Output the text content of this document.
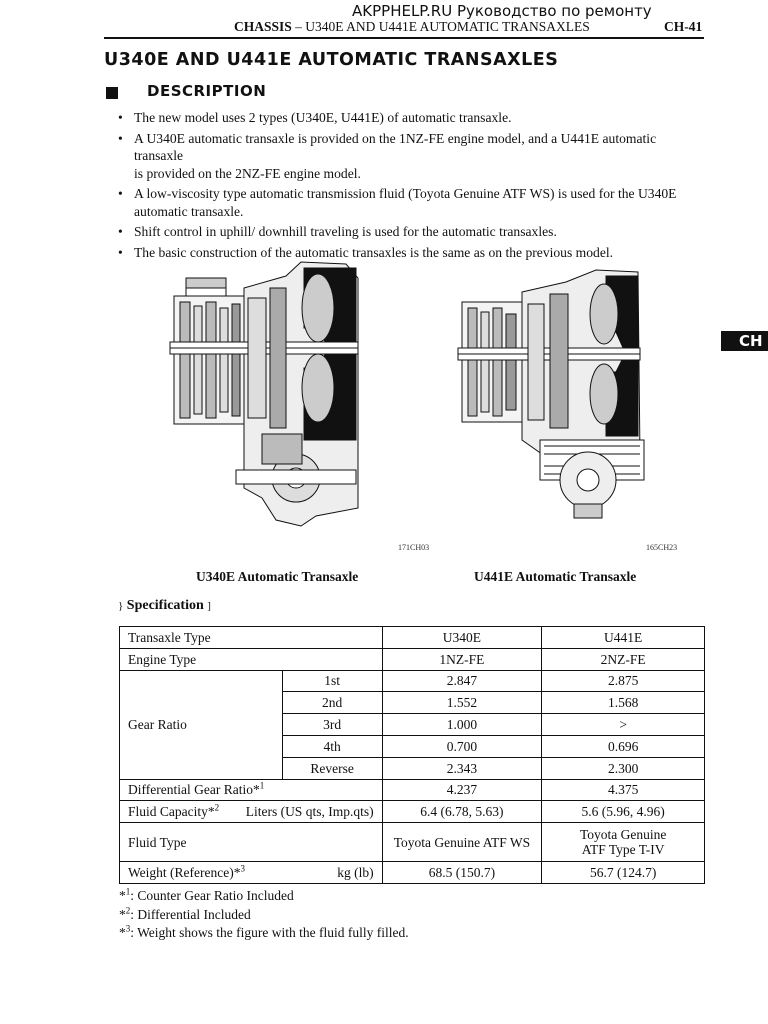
AKPPHELP.RU Руководство по ремонту
CHASSIS – U340E AND U441E AUTOMATIC TRANSAXLES	CH-41
U340E AND U441E AUTOMATIC TRANSAXLES
DESCRIPTION
• The new model uses 2 types (U340E, U441E) of automatic transaxle.
• A U340E automatic transaxle is provided on the 1NZ-FE engine model, and a U441E automatic transaxle
is provided on the 2NZ-FE engine model.
• A low-viscosity type automatic transmission fluid (Toyota Genuine ATF WS) is used for the U340E
automatic transaxle.
• Shift control in uphill/ downhill traveling is used for the automatic transaxles.
• The basic construction of the automatic transaxles is the same as on the previous model.
CH
171CH03	165CH23
U340E Automatic Transaxle	U441E Automatic Transaxle
} Specification ]
Transaxle Type		U340E	U441E
Engine Type		1NZ-FE	2NZ-FE
Gear Ratio	1st	2.847	2.875
	2nd	1.552	1.568
	3rd	1.000	>
	4th	0.700	0.696
	Reverse	2.343	2.300
Differential Gear Ratio*$^1$		4.237	4.375

Fluid Capacity*$^2$ Liters (US qts, Imp.qts)		6.4 (6.78, 5.63)	5.6 (5.96, 4.96)
Fluid Type		Toyota Genuine ATF WS	Toyota Genuine
ATF Type T-IV

Weight (Reference)*$^3$ kg (lb)		68.5 (150.7)	56.7 (124.7)
*$^1$: Counter Gear Ratio Included
*$^2$: Differential Included
*$^3$: Weight shows the figure with the fluid fully filled.
